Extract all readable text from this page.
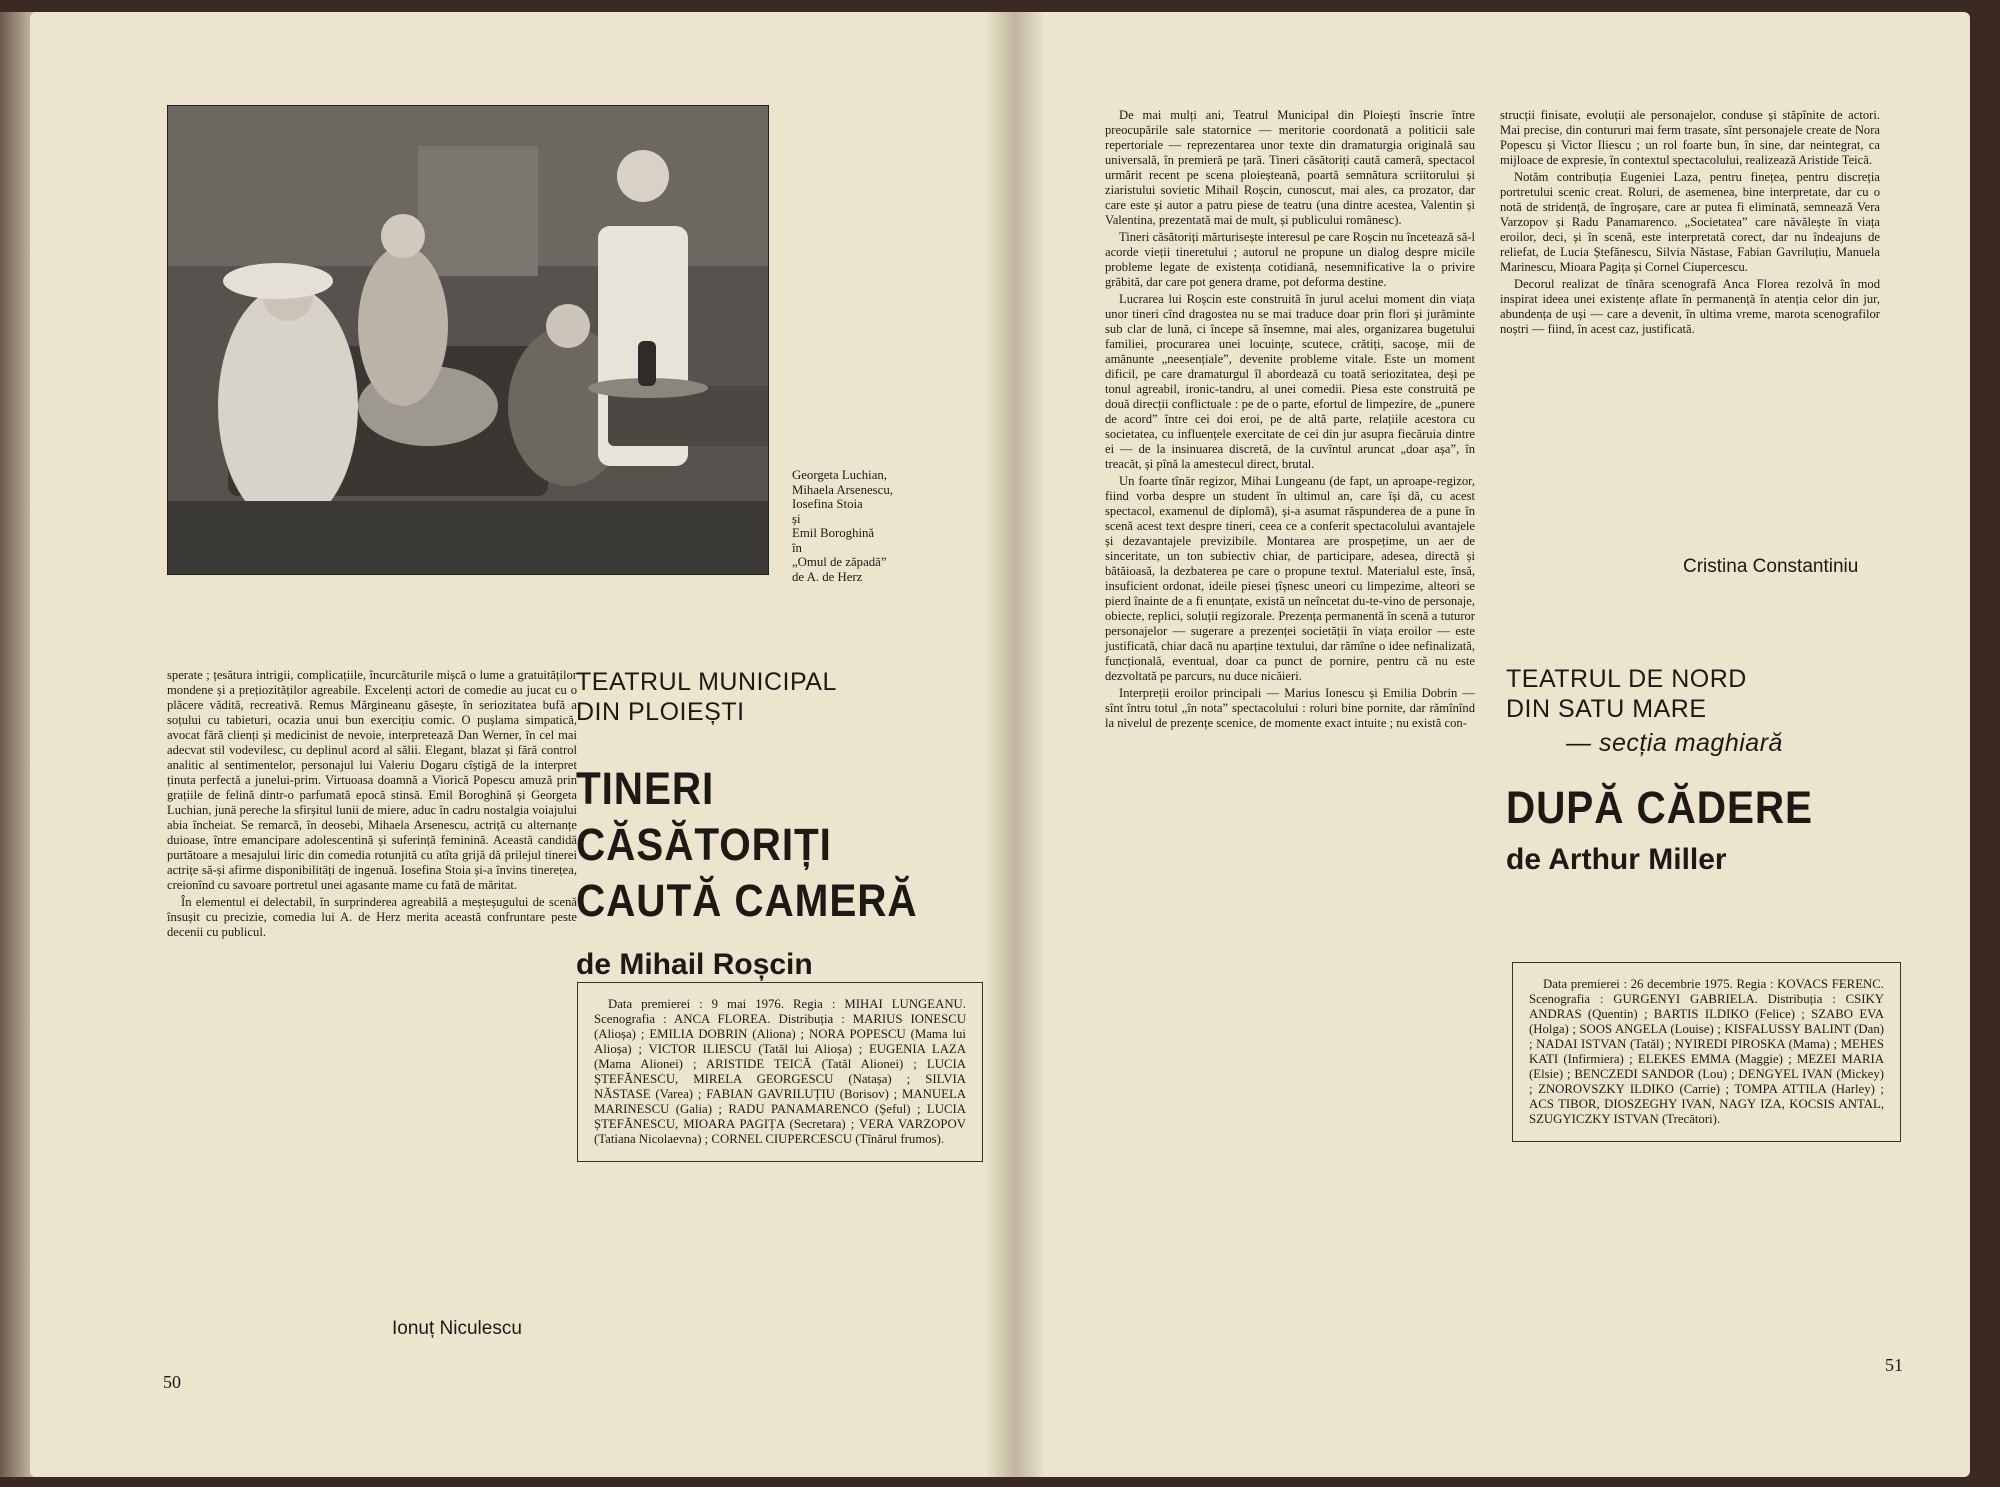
Georgeta Luchian,
Mihaela Arsenescu,
Iosefina Stoia
și
Emil Boroghină
în
„Omul de zăpadă”
de A. de Herz

sperate ; țesătura intrigii, complicațiile, încurcăturile mișcă o lume a gratuităților mondene și a prețiozităților agreabile. Excelenți actori de comedie au jucat cu o plăcere vădită, recreativă. Remus Mărgineanu găsește, în seriozitatea bufă a soțului cu tabieturi, ocazia unui bun exercițiu comic. O pușlama simpatică, avocat fără clienți și medicinist de nevoie, interpretează Dan Werner, în cel mai adecvat stil vodevilesc, cu deplinul acord al sălii. Elegant, blazat și fără control analitic al sentimentelor, personajul lui Valeriu Dogaru cîștigă de la interpret ținuta perfectă a junelui-prim. Virtuoasa doamnă a Viorică Popescu amuză prin grațiile de felină dintr-o parfumată epocă stinsă. Emil Boroghină și Georgeta Luchian, junä pereche la sfirșitul lunii de miere, aduc în cadru nostalgia voiajului abia încheiat. Se remarcă, în deosebi, Mihaela Arsenescu, actriță cu alternanțe duioase, între emancipare adolescentină și suferință feminină. Această candidă purtătoare a mesajului liric din comedia rotunjită cu atîta grijă dă prilejul tinerei actrițe să-și afirme disponibilitäți de ingenuă. Iosefina Stoia și-a învins tinerețea, creionînd cu savoare portretul unei agasante mame cu fată de măritat.

În elementul ei delectabil, în surprinderea agreabilă a meșteșugului de scenă însușit cu precizie, comedia lui A. de Herz merita această confruntare peste decenii cu publicul.

Ionuț Niculescu
50
TEATRUL MUNICIPAL
DIN PLOIEȘTI
TINERI CĂSĂTORIȚI
CAUTĂ CAMERĂ
de Mihail Roșcin

Data premierei : 9 mai 1976. Regia : MIHAI LUNGEANU. Scenografia : ANCA FLOREA. Distribuția : MARIUS IONESCU (Alioșa) ; EMILIA DOBRIN (Aliona) ; NORA POPESCU (Mama lui Alioșa) ; VICTOR ILIESCU (Tatăl lui Alioșa) ; EUGENIA LAZA (Mama Alionei) ; ARISTIDE TEICĂ (Tatăl Alionei) ; LUCIA ȘTEFĂNESCU, MIRELA GEORGESCU (Natașa) ; SILVIA NĂSTASE (Varea) ; FABIAN GAVRILUȚIU (Borisov) ; MANUELA MARINESCU (Galia) ; RADU PANAMARENCO (Șeful) ; LUCIA ȘTEFĂNESCU, MIOARA PAGIȚA (Secretara) ; VERA VARZOPOV (Tatiana Nicolaevna) ; CORNEL CIUPERCESCU (Tînărul frumos).

De mai mulți ani, Teatrul Municipal din Ploiești înscrie între preocupările sale statornice — meritorie coordonată a politicii sale repertoriale — reprezentarea unor texte din dramaturgia originală sau universală, în premieră pe țară. Tineri căsătoriți caută cameră, spectacol urmărit recent pe scena ploieșteană, poartă semnătura scriitorului și ziaristului sovietic Mihail Roșcin, cunoscut, mai ales, ca prozator, dar care este și autor a patru piese de teatru (una dintre acestea, Valentin și Valentina, prezentată mai de mult, și publicului românesc).

Tineri căsătoriți mărturisește interesul pe care Roșcin nu încetează să-l acorde vieții tineretului ; autorul ne propune un dialog despre micile probleme legate de existența cotidiană, nesemnificative la o privire grăbită, dar care pot genera drame, pot deforma destine.

Lucrarea lui Roșcin este construită în jurul acelui moment din viața unor tineri cînd dragostea nu se mai traduce doar prin flori și jurăminte sub clar de lună, ci începe să însemne, mai ales, organizarea bugetului familiei, procurarea unei locuințe, scutece, crătiți, sacoșe, mii de amănunte „neesențiale”, devenite probleme vitale. Este un moment dificil, pe care dramaturgul îl abordează cu toată seriozitatea, deși pe tonul agreabil, ironic-tandru, al unei comedii. Piesa este construită pe două direcții conflictuale : pe de o parte, efortul de limpezire, de „punere de acord” între cei doi eroi, pe de altă parte, relațiile acestora cu societatea, cu influențele exercitate de cei din jur asupra fiecăruia dintre ei — de la insinuarea discretă, de la cuvîntul aruncat „doar așa”, în treacăt, și pînă la amestecul direct, brutal.

Un foarte tînăr regizor, Mihai Lungeanu (de fapt, un aproape-regizor, fiind vorba despre un student în ultimul an, care își dă, cu acest spectacol, examenul de diplomă), și-a asumat răspunderea de a pune în scenă acest text despre tineri, ceea ce a conferit spectacolului avantajele și dezavantajele previzibile. Montarea are prospețime, un aer de sinceritate, un ton subiectiv chiar, de participare, adesea, directă și bătăioasă, la dezbaterea pe care o propune textul. Materialul este, însă, insuficient ordonat, ideile piesei țîșnesc uneori cu limpezime, alteori se pierd înainte de a fi enunțate, există un neîncetat du-te-vino de personaje, obiecte, replici, soluții regizorale. Prezența permanentă în scenă a tuturor personajelor — sugerare a prezenței societății în viața eroilor — este justificată, chiar dacă nu aparține textului, dar rămîne o idee nefinalizată, funcțională, eventual, doar ca punct de pornire, pentru că nu este dezvoltată pe parcurs, nu duce nicăieri.

Interpreții eroilor principali — Marius Ionescu și Emilia Dobrin — sînt întru totul „în nota” spectacolului : roluri bine pornite, dar rămînînd la nivelul de prezențe scenice, de momente exact intuite ; nu există con-

strucții finisate, evoluții ale personajelor, conduse și stăpînite de actori. Mai precise, din contururi mai ferm trasate, sînt personajele create de Nora Popescu și Victor Iliescu ; un rol foarte bun, în sine, dar neintegrat, ca mijloace de expresie, în contextul spectacolului, realizează Aristide Teică.

Notăm contribuția Eugeniei Laza, pentru finețea, pentru discreția portretului scenic creat. Roluri, de asemenea, bine interpretate, dar cu o notă de stridență, de îngroșare, care ar putea fi eliminată, semnează Vera Varzopov și Radu Panamarenco. „Societatea” care năvălește în viața eroilor, deci, și în scenă, este interpretată corect, dar nu îndeajuns de reliefat, de Lucia Ștefănescu, Silvia Năstase, Fabian Gavriluțiu, Manuela Marinescu, Mioara Pagița și Cornel Ciupercescu.

Decorul realizat de tînăra scenografă Anca Florea rezolvă în mod inspirat ideea unei existențe aflate în permanență în atenția celor din jur, abundența de uși — care a devenit, în ultima vreme, marota scenografilor noștri — fiind, în acest caz, justificată.

Cristina Constantiniu
TEATRUL DE NORD
DIN SATU MARE
— secția maghiară
DUPĂ CĂDERE
de Arthur Miller

Data premierei : 26 decembrie 1975. Regia : KOVACS FERENC. Scenografia : GURGENYI GABRIELA. Distribuția : CSIKY ANDRAS (Quentin) ; BARTIS ILDIKO (Felice) ; SZABO EVA (Holga) ; SOOS ANGELA (Louise) ; KISFALUSSY BALINT (Dan) ; NADAI ISTVAN (Tatăl) ; NYIREDI PIROSKA (Mama) ; MEHES KATI (Infirmiera) ; ELEKES EMMA (Maggie) ; MEZEI MARIA (Elsie) ; BENCZEDI SANDOR (Lou) ; DENGYEL IVAN (Mickey) ; ZNOROVSZKY ILDIKO (Carrie) ; TOMPA ATTILA (Harley) ; ACS TIBOR, DIOSZEGHY IVAN, NAGY IZA, KOCSIS ANTAL, SZUGYICZKY ISTVAN (Trecători).

51
